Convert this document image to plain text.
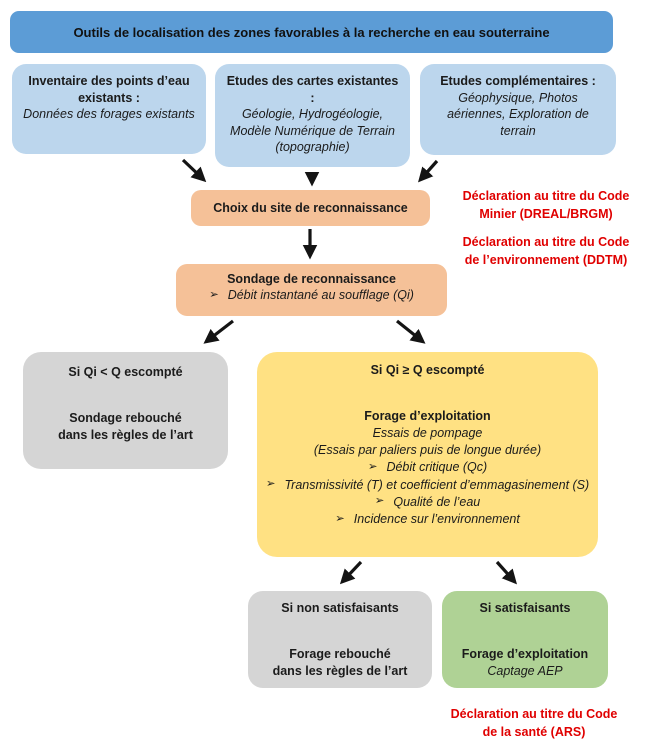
Outils de localisation des zones favorables à la recherche en eau souterraine
Inventaire des points d’eau existants :
Données des forages existants
Etudes des cartes existantes :
Géologie, Hydrogéologie, Modèle Numérique de Terrain (topographie)
Etudes complémentaires :
Géophysique, Photos aériennes, Exploration de terrain
Choix du site de reconnaissance
Déclaration au titre du Code
Minier (DREAL/BRGM)
Déclaration au titre du Code
de l’environnement (DDTM)
Sondage de reconnaissance
➢ Débit instantané au soufflage (Qi)
Si Qi < Q escompté
Sondage rebouché
dans les règles de l’art
Si Qi ≥ Q escompté
Forage d’exploitation
Essais de pompage
(Essais par paliers puis de longue durée)
➢ Débit critique (Qc)
➢ Transmissivité (T) et coefficient d’emmagasinement (S)
➢ Qualité de l’eau
➢ Incidence sur l’environnement
Si non satisfaisants
Forage rebouché
dans les règles de l’art
Si satisfaisants
Forage d’exploitation
Captage AEP
Déclaration au titre du Code
de la santé (ARS)
